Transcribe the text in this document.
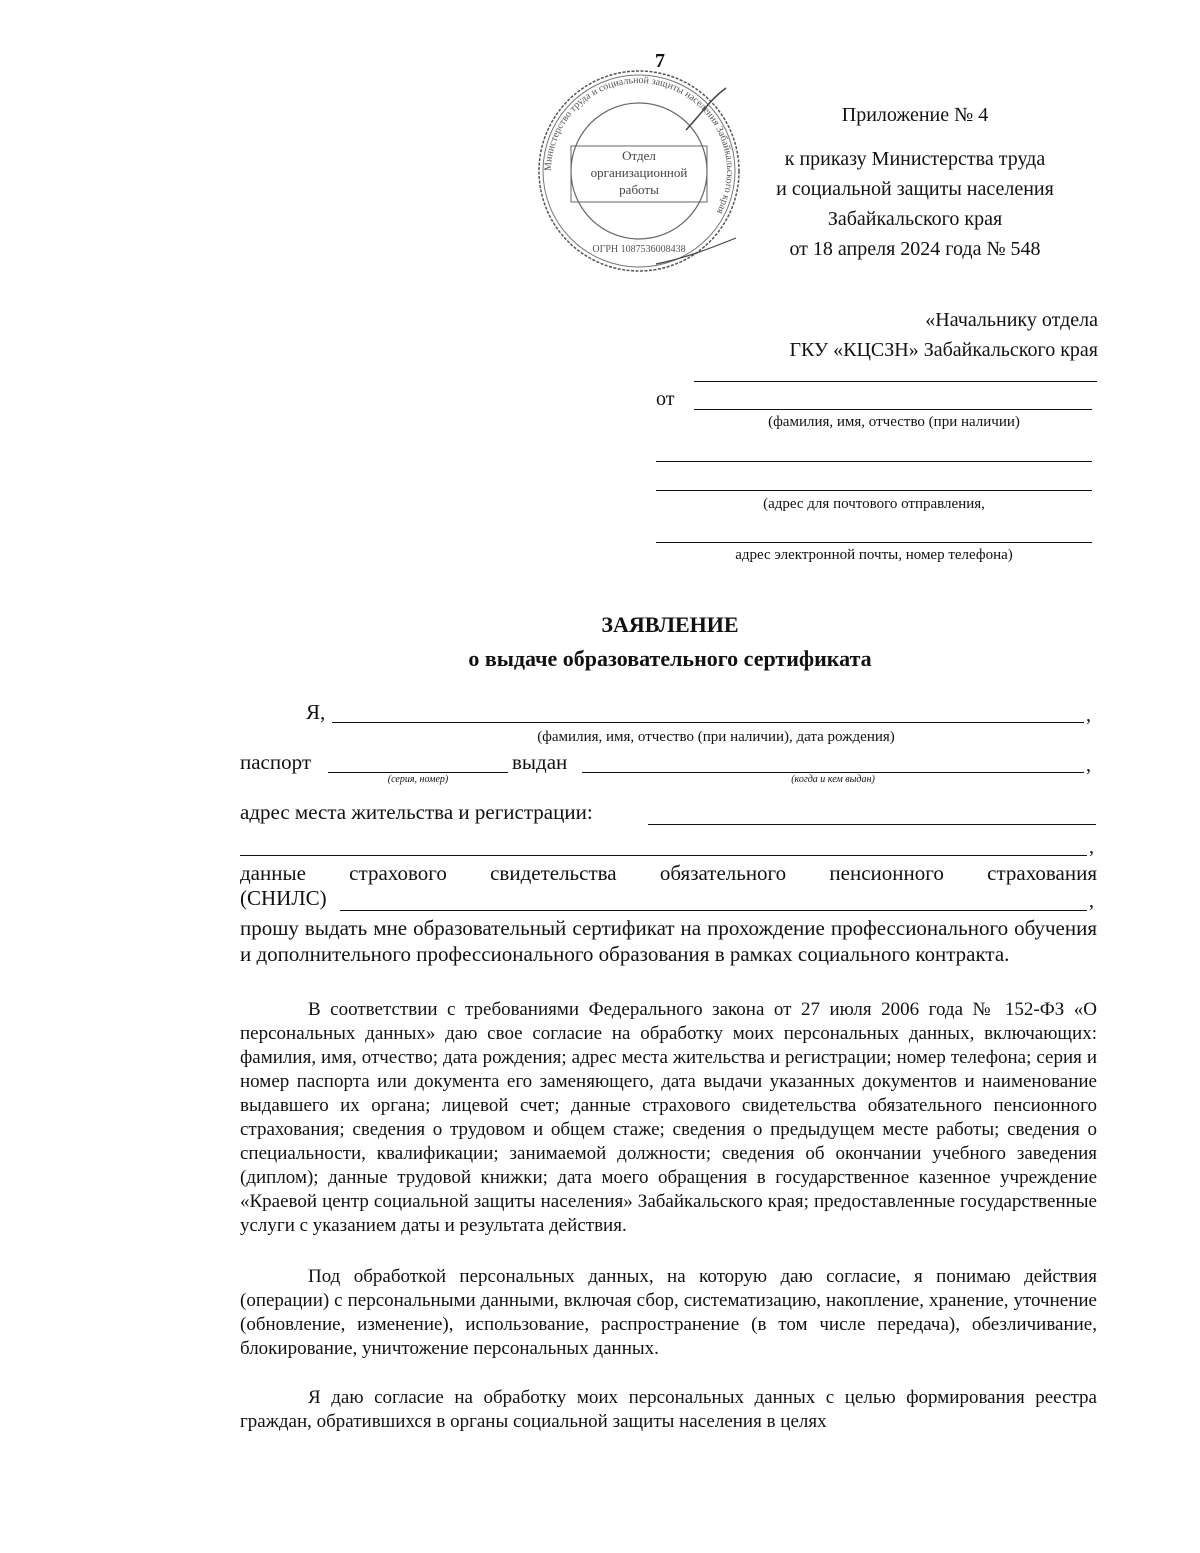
7
Министерство труда и социальной защиты населения Забайкальского края
ОГРН 1087536008438
Отдел
организационной
работы
Приложение № 4
к приказу Министерства труда
и социальной защиты населения
Забайкальского края
от 18 апреля 2024 года № 548
«Начальнику отдела
ГКУ «КЦСЗН» Забайкальского края
от
(фамилия, имя, отчество (при наличии)
(адрес для почтового отправления,
адрес электронной почты, номер телефона)
ЗАЯВЛЕНИЕ
о выдаче образовательного сертификата
Я,	,
(фамилия, имя, отчество (при наличии), дата рождения)
паспорт
(серия, номер)
выдан	,
(когда и кем выдан)
адрес места жительства и регистрации:
,
данные страхового свидетельства обязательного пенсионного страхования
(СНИЛС)	,
прошу выдать мне образовательный сертификат на прохождение профессионального обучения и дополнительного профессионального образования в рамках социального контракта.
В соответствии с требованиями Федерального закона от 27 июля 2006 года № 152-ФЗ «О персональных данных» даю свое согласие на обработку моих персональных данных, включающих: фамилия, имя, отчество; дата рождения; адрес места жительства и регистрации; номер телефона; серия и номер паспорта или документа его заменяющего, дата выдачи указанных документов и наименование выдавшего их органа; лицевой счет; данные страхового свидетельства обязательного пенсионного страхования; сведения о трудовом и общем стаже; сведения о предыдущем месте работы; сведения о специальности, квалификации; занимаемой должности; сведения об окончании учебного заведения (диплом); данные трудовой книжки; дата моего обращения в государственное казенное учреждение «Краевой центр социальной защиты населения» Забайкальского края; предоставленные государственные услуги с указанием даты и результата действия.
Под обработкой персональных данных, на которую даю согласие, я понимаю действия (операции) с персональными данными, включая сбор, систематизацию, накопление, хранение, уточнение (обновление, изменение), использование, распространение (в том числе передача), обезличивание, блокирование, уничтожение персональных данных.
Я даю согласие на обработку моих персональных данных с целью формирования реестра граждан, обратившихся в органы социальной защиты населения в целях
